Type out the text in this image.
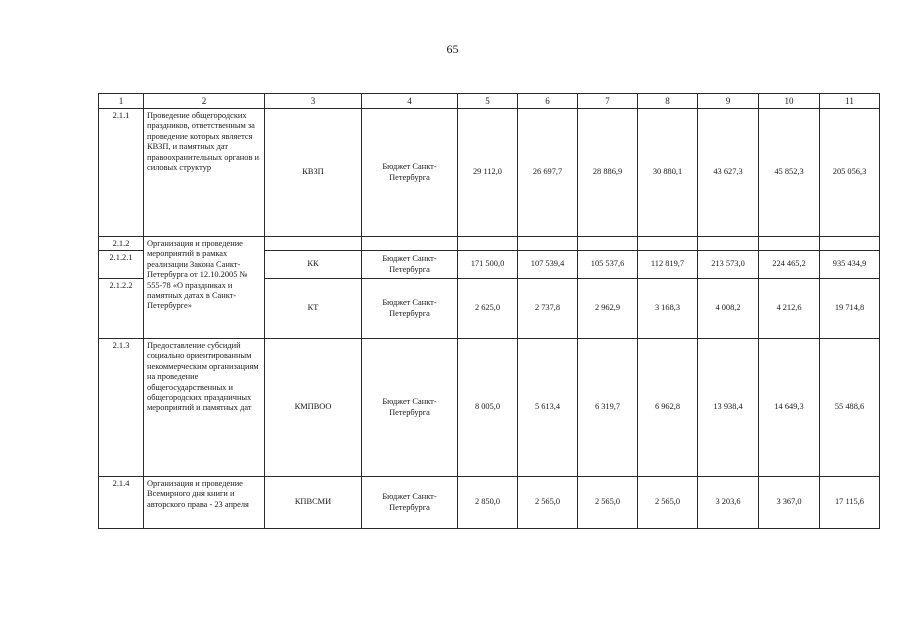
65
1	2	3	4	5	6	7	8	9	10	11
2.1.1	Проведение общегородских праздников, ответственным за проведение которых является КВЗП, и памятных дат правоохранительных органов и силовых структур	КВЗП	Бюджет Санкт-Петербурга	29 112,0	26 697,7	28 886,9	30 880,1	43 627,3	45 852,3	205 056,3
2.1.2	Организация и проведение мероприятий в рамках реализации Закона Санкт-Петербурга от 12.10.2005 № 555-78 «О праздниках и памятных датах в Санкт-Петербурге»									
2.1.2.1		КК	Бюджет Санкт-Петербурга	171 500,0	107 539,4	105 537,6	112 819,7	213 573,0	224 465,2	935 434,9
2.1.2.2		КТ	Бюджет Санкт-Петербурга	2 625,0	2 737,8	2 962,9	3 168,3	4 008,2	4 212,6	19 714,8
2.1.3	Предоставление субсидий социально ориентированным некоммерческим организациям на проведение общегосударственных и общегородских праздничных мероприятий и памятных дат	КМПВОО	Бюджет Санкт-Петербурга	8 005,0	5 613,4	6 319,7	6 962,8	13 938,4	14 649,3	55 488,6
2.1.4	Организация и проведение Всемирного дня книги и авторского права - 23 апреля	КПВСМИ	Бюджет Санкт-Петербурга	2 850,0	2 565,0	2 565,0	2 565,0	3 203,6	3 367,0	17 115,6
